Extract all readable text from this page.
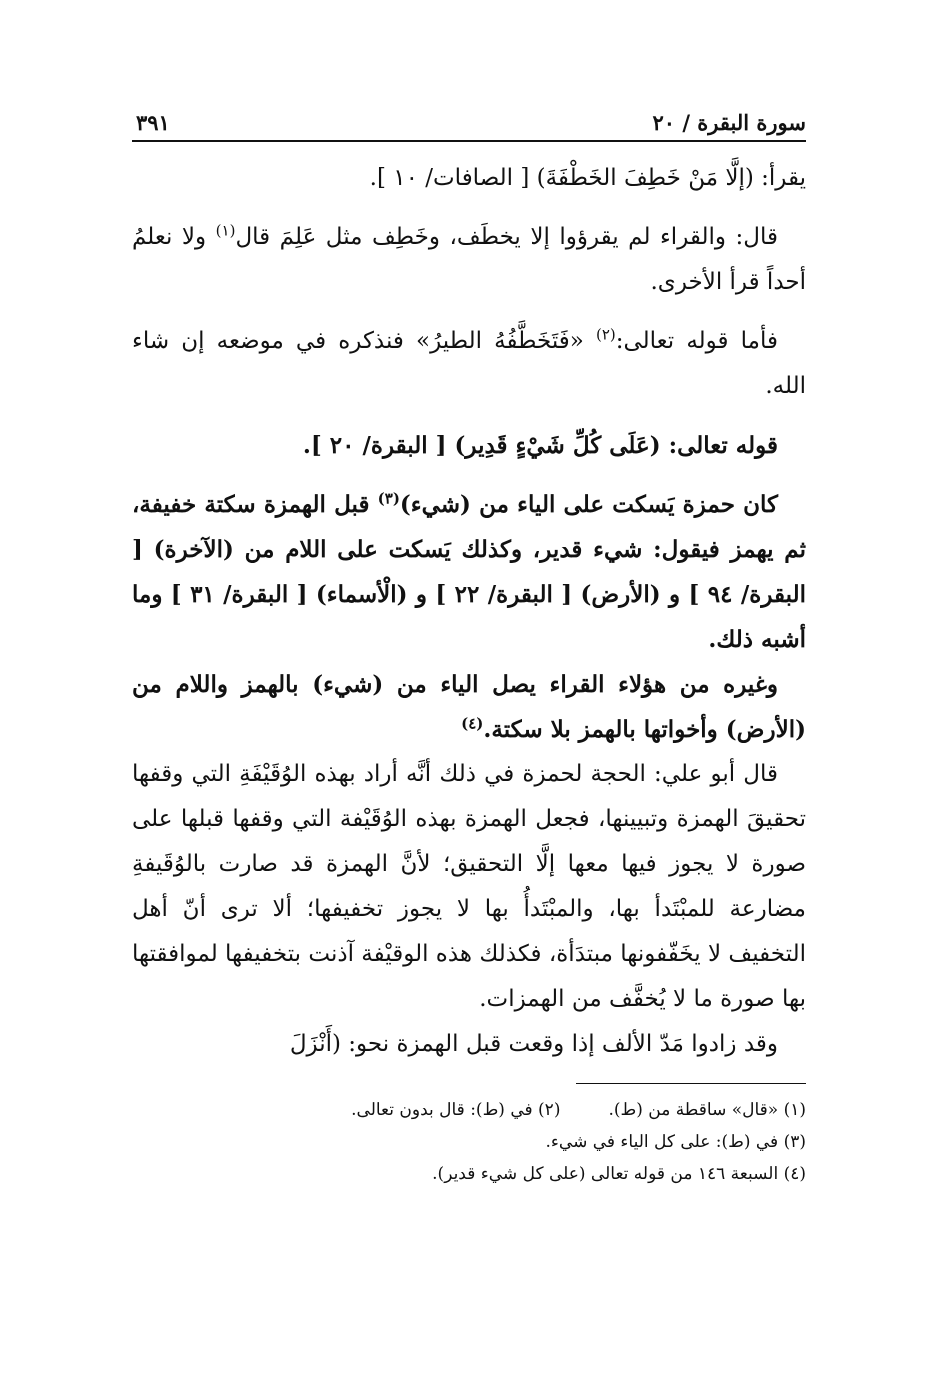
سورة البقرة / ٢٠
٣٩١

يقرأ: (إلَّا مَنْ خَطِفَ الخَطْفَةَ) [ الصافات/ ١٠ ].

قال: والقراء لم يقرؤوا إلا يخطَف، وخَطِف مثل عَلِمَ قال$^{(١)}$ ولا نعلمُ أحداً قرأ الأخرى.

فأما قوله تعالى:$^{(٢)}$ «فَتَخَطَّفُهُ الطيرُ» فنذكره في موضعه إن شاء الله.

قوله تعالى: (عَلَى كُلِّ شَيْءٍ قَدِير) [ البقرة/ ٢٠ ].

كان حمزة يَسكت على الياء من (شيء)$^{(٣)}$ قبل الهمزة سكتة خفيفة، ثم يهمز فيقول: شيء قدير، وكذلك يَسكت على اللام من (الآخرة) [ البقرة/ ٩٤ ] و (الأرض) [ البقرة/ ٢٢ ] و (الْأسماء) [ البقرة/ ٣١ ] وما أشبه ذلك.

وغيره من هؤلاء القراء يصل الياء من (شيء) بالهمز واللام من (الأرض) وأخواتها بالهمز بلا سكتة.$^{(٤)}$

قال أبو علي: الحجة لحمزة في ذلك أنَّه أراد بهذه الوُقَيْفَةِ التي وقفها تحقيقَ الهمزة وتبيينها، فجعل الهمزة بهذه الوُقَيْفة التي وقفها قبلها على صورة لا يجوز فيها معها إلَّا التحقيق؛ لأنَّ الهمزة قد صارت بالوُقَيفةِ مضارعة للمبْتَدأ بها، والمبْتَدأُ بها لا يجوز تخفيفها؛ ألا ترى أنّ أهل التخفيف لا يخَفّفونها مبتدَأة، فكذلك هذه الوقيْفة آذنت بتخفيفها لموافقتها بها صورة ما لا يُخفَّف من الهمزات.

وقد زادوا مَدّ الألف إذا وقعت قبل الهمزة نحو: (أَنْزَلَ

(١) «قال» ساقطة من (ط).
(٢) في (ط): قال بدون تعالى.
(٣) في (ط): على كل الياء في شيء.
(٤) السبعة ١٤٦ من قوله تعالى (على كل شيء قدير).
